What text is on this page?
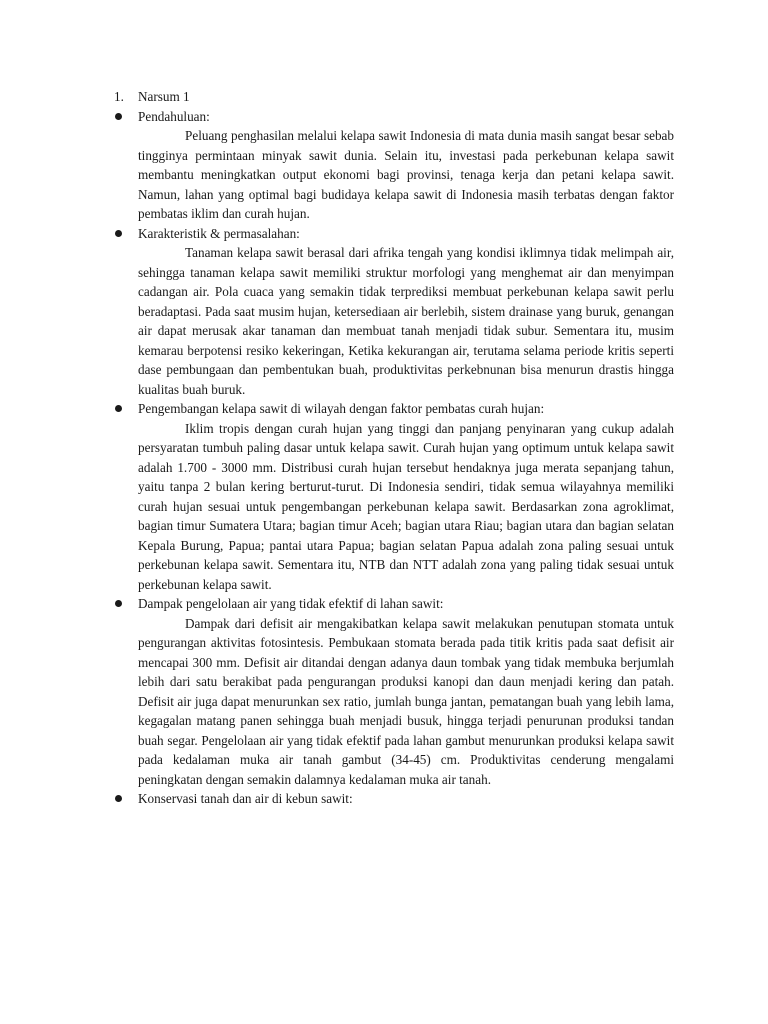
1. Narsum 1
Pendahuluan:

Peluang penghasilan melalui kelapa sawit Indonesia di mata dunia masih sangat besar sebab tingginya permintaan minyak sawit dunia. Selain itu, investasi pada perkebunan kelapa sawit membantu meningkatkan output ekonomi bagi provinsi, tenaga kerja dan petani kelapa sawit. Namun, lahan yang optimal bagi budidaya kelapa sawit di Indonesia masih terbatas dengan faktor pembatas iklim dan curah hujan.

Karakteristik & permasalahan:

Tanaman kelapa sawit berasal dari afrika tengah yang kondisi iklimnya tidak melimpah air, sehingga tanaman kelapa sawit memiliki struktur morfologi yang menghemat air dan menyimpan cadangan air. Pola cuaca yang semakin tidak terprediksi membuat perkebunan kelapa sawit perlu beradaptasi. Pada saat musim hujan, ketersediaan air berlebih, sistem drainase yang buruk, genangan air dapat merusak akar tanaman dan membuat tanah menjadi tidak subur. Sementara itu, musim kemarau berpotensi resiko kekeringan, Ketika kekurangan air, terutama selama periode kritis seperti dase pembungaan dan pembentukan buah, produktivitas perkebnunan bisa menurun drastis hingga kualitas buah buruk.

Pengembangan kelapa sawit di wilayah dengan faktor pembatas curah hujan:

Iklim tropis dengan curah hujan yang tinggi dan panjang penyinaran yang cukup adalah persyaratan tumbuh paling dasar untuk kelapa sawit. Curah hujan yang optimum untuk kelapa sawit adalah 1.700 - 3000 mm. Distribusi curah hujan tersebut hendaknya juga merata sepanjang tahun, yaitu tanpa 2 bulan kering berturut-turut. Di Indonesia sendiri, tidak semua wilayahnya memiliki curah hujan sesuai untuk pengembangan perkebunan kelapa sawit. Berdasarkan zona agroklimat, bagian timur Sumatera Utara; bagian timur Aceh; bagian utara Riau; bagian utara dan bagian selatan Kepala Burung, Papua; pantai utara Papua; bagian selatan Papua adalah zona paling sesuai untuk perkebunan kelapa sawit. Sementara itu, NTB dan NTT adalah zona yang paling tidak sesuai untuk perkebunan kelapa sawit.

Dampak pengelolaan air yang tidak efektif di lahan sawit:

Dampak dari defisit air mengakibatkan kelapa sawit melakukan penutupan stomata untuk pengurangan aktivitas fotosintesis. Pembukaan stomata berada pada titik kritis pada saat defisit air mencapai 300 mm. Defisit air ditandai dengan adanya daun tombak yang tidak membuka berjumlah lebih dari satu berakibat pada pengurangan produksi kanopi dan daun menjadi kering dan patah. Defisit air juga dapat menurunkan sex ratio, jumlah bunga jantan, pematangan buah yang lebih lama, kegagalan matang panen sehingga buah menjadi busuk, hingga terjadi penurunan produksi tandan buah segar. Pengelolaan air yang tidak efektif pada lahan gambut menurunkan produksi kelapa sawit pada kedalaman muka air tanah gambut (34-45) cm. Produktivitas cenderung mengalami peningkatan dengan semakin dalamnya kedalaman muka air tanah.

Konservasi tanah dan air di kebun sawit:
